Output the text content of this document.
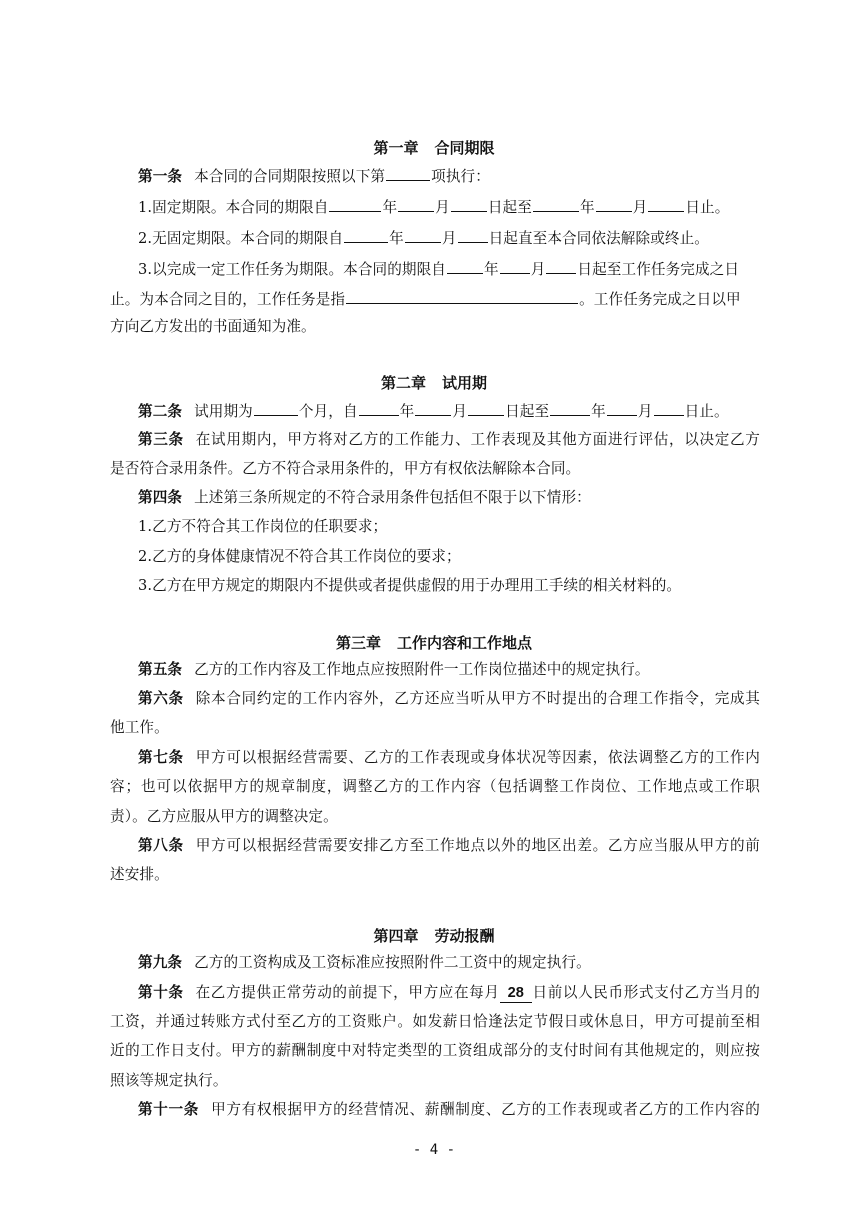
第一章 合同期限
第一条 本合同的合同期限按照以下第	项执行：
1.固定期限。本合同的期限自	年	月	日起至	年	月	日止。
2.无固定期限。本合同的期限自	年	月 日起直至本合同依法解除或终止。
3.以完成一定工作任务为期限。本合同的期限自	年 月 日起至工作任务完成之日
止。为本合同之目的，工作任务是指	。工作任务完成之日以甲
方向乙方发出的书面通知为准。
第二章 试用期
第二条 试用期为	个月，自	年	月	日起至	年 月 日止。
第三条 在试用期内，甲方将对乙方的工作能力、工作表现及其他方面进行评估，以决定乙方
是否符合录用条件。乙方不符合录用条件的，甲方有权依法解除本合同。
第四条 上述第三条所规定的不符合录用条件包括但不限于以下情形：
1.乙方不符合其工作岗位的任职要求；
2.乙方的身体健康情况不符合其工作岗位的要求；
3.乙方在甲方规定的期限内不提供或者提供虚假的用于办理用工手续的相关材料的。
第三章 工作内容和工作地点
第五条 乙方的工作内容及工作地点应按照附件一工作岗位描述中的规定执行。
第六条 除本合同约定的工作内容外，乙方还应当听从甲方不时提出的合理工作指令，完成其
他工作。
第七条 甲方可以根据经营需要、乙方的工作表现或身体状况等因素，依法调整乙方的工作内
容；也可以依据甲方的规章制度，调整乙方的工作内容（包括调整工作岗位、工作地点或工作职
责）。乙方应服从甲方的调整决定。
第八条 甲方可以根据经营需要安排乙方至工作地点以外的地区出差。乙方应当服从甲方的前
述安排。
第四章 劳动报酬
第九条 乙方的工资构成及工资标准应按照附件二工资中的规定执行。
第十条 在乙方提供正常劳动的前提下，甲方应在每月 28 日前以人民币形式支付乙方当月的
工资，并通过转账方式付至乙方的工资账户。如发薪日恰逢法定节假日或休息日，甲方可提前至相
近的工作日支付。甲方的薪酬制度中对特定类型的工资组成部分的支付时间有其他规定的，则应按
照该等规定执行。
第十一条 甲方有权根据甲方的经营情况、薪酬制度、乙方的工作表现或者乙方的工作内容的
- 4 -
